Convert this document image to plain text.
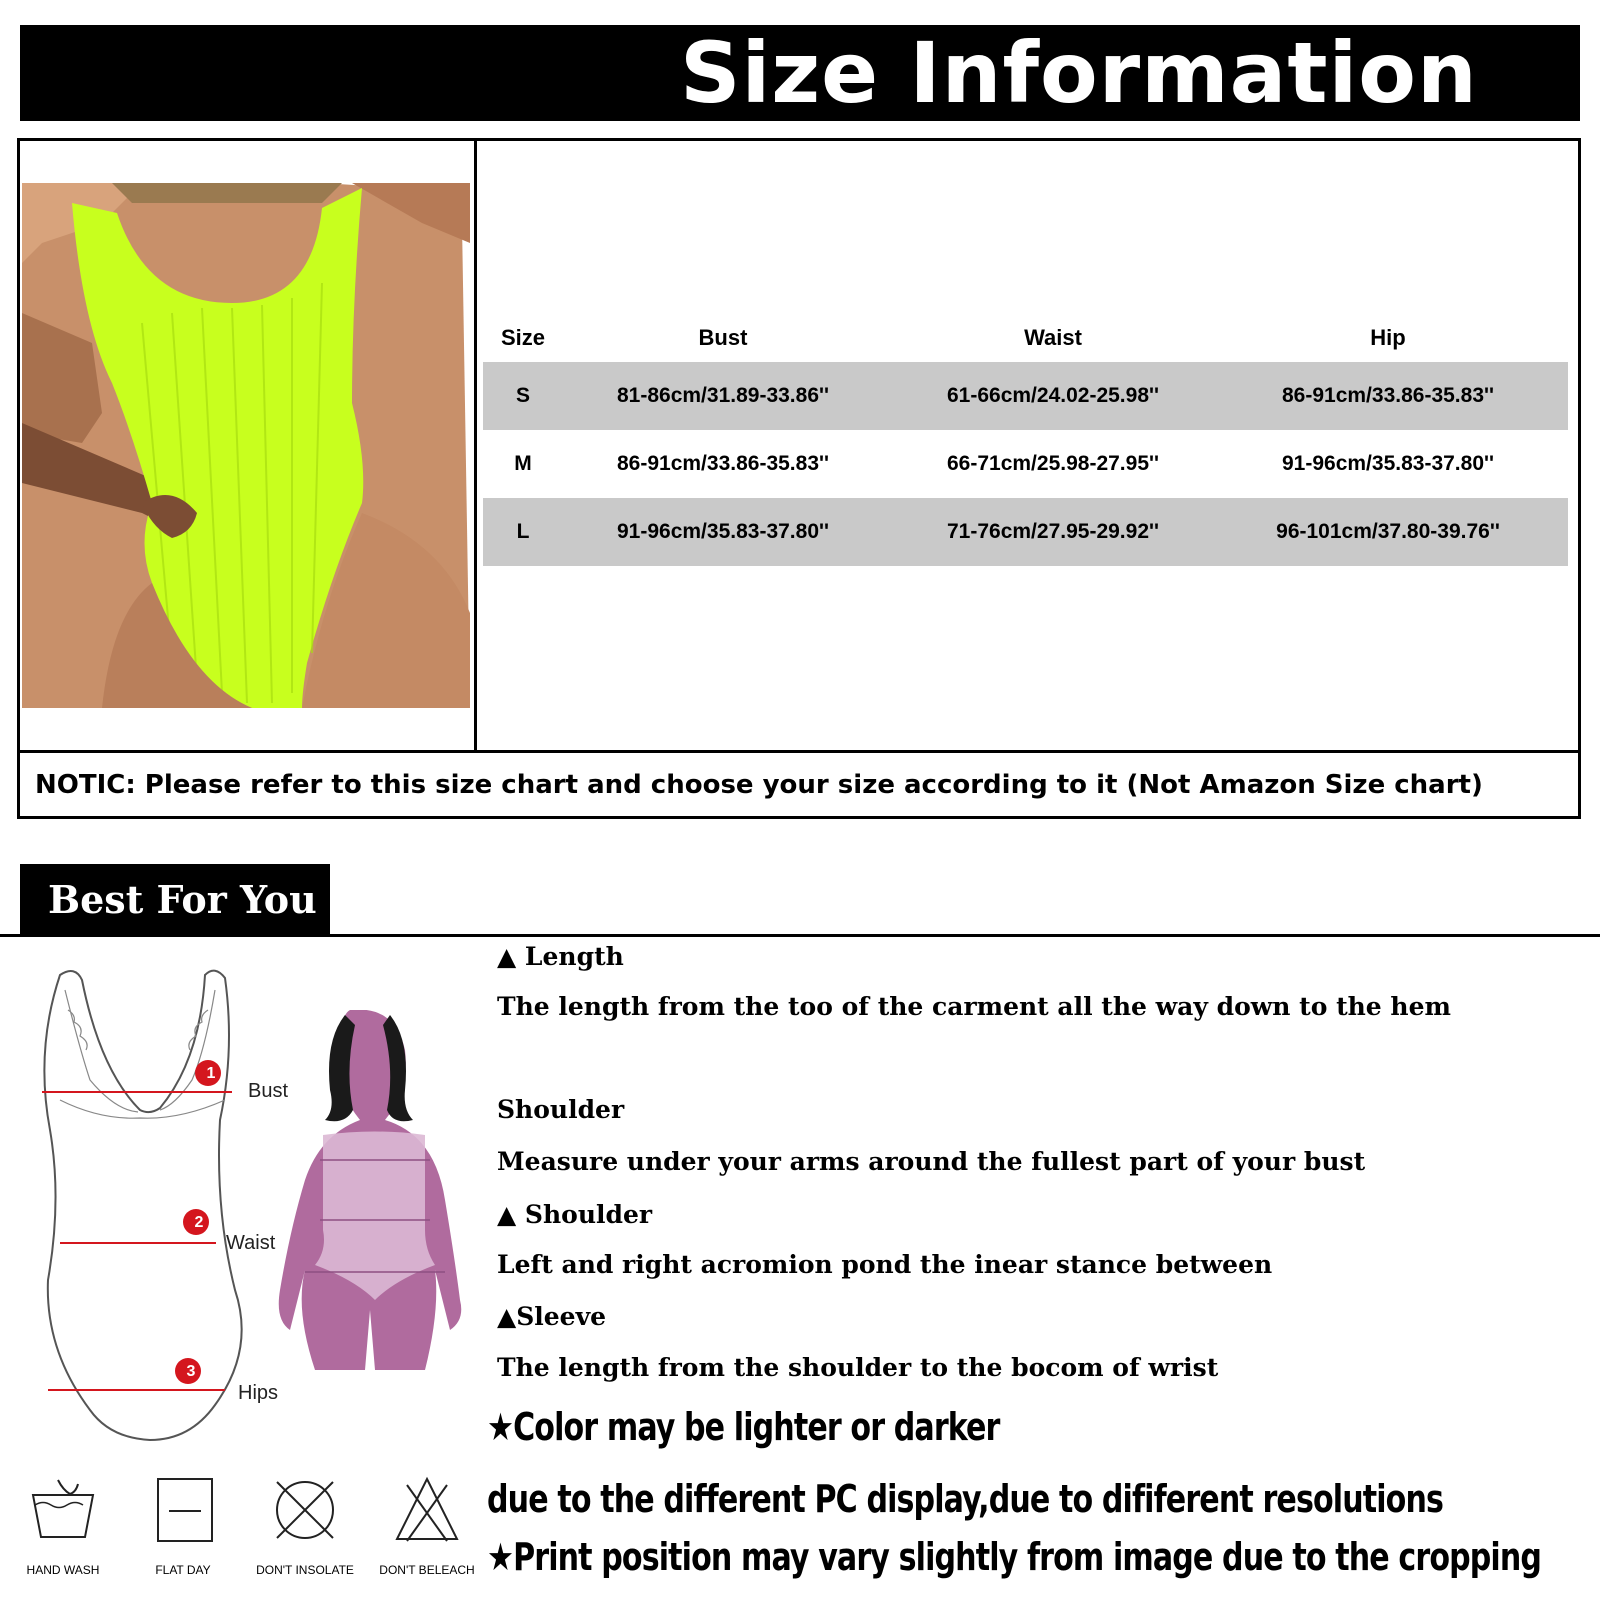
Size Information
Size	Bust	Waist	Hip
S	81-86cm/31.89-33.86''	61-66cm/24.02-25.98''	86-91cm/33.86-35.83''
M	86-91cm/33.86-35.83''	66-71cm/25.98-27.95''	91-96cm/35.83-37.80''
L	91-96cm/35.83-37.80''	71-76cm/27.95-29.92''	96-101cm/37.80-39.76''
NOTIC: Please refer to this size chart and choose your size according to it (Not Amazon Size chart)
Best For You
1
2
3
Bust
Waist
Hips
HAND WASH	FLAT DAY	DON'T INSOLATE	DON'T BELEACH
▲ Length
The length from the too of the carment all the way down to the hem
Shoulder
Measure under your arms around the fullest part of your bust
▲ Shoulder
Left and right acromion pond the inear stance between
▲Sleeve
The length from the shoulder to the bocom of wrist
★Color may be lighter or darker
due to the different PC display,due to dififerent resolutions
★Print position may vary slightly from image due to the cropping
